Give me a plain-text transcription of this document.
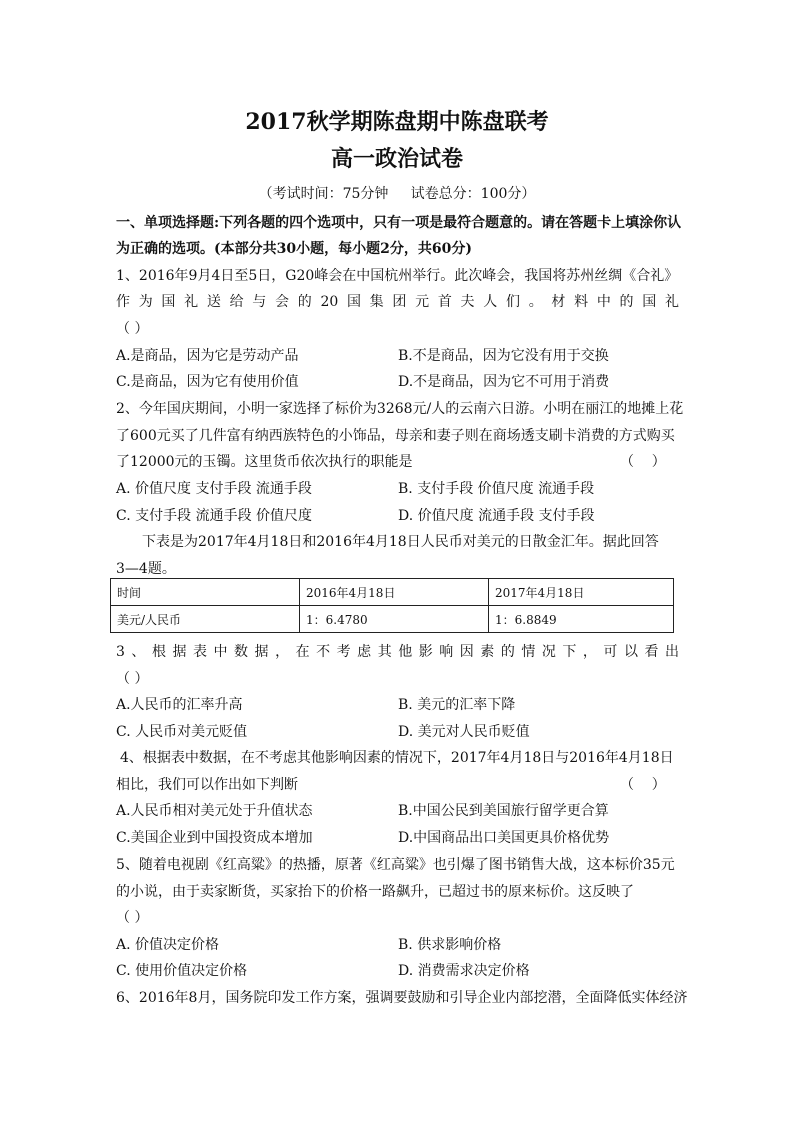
2017秋学期陈盘期中陈盘联考
高一政治试卷
（考试时间：75分钟     试卷总分：100分）
一、单项选择题:下列各题的四个选项中，只有一项是最符合题意的。请在答题卡上填涂你认
为正确的选项。(本部分共30小题，每小题2分，共60分)
1、2016年9月4日至5日，G20峰会在中国杭州举行。此次峰会，我国将苏州丝绸《合礼》
作为国礼送给与会的20国集团元首夫人们。材料中的国礼
（ ）
A.是商品，因为它是劳动产品	B.不是商品，因为它没有用于交换
C.是商品，因为它有使用价值	D.不是商品，因为它不可用于消费
2、今年国庆期间，小明一家选择了标价为3268元/人的云南六日游。小明在丽江的地摊上花
了600元买了几件富有纳西族特色的小饰品，母亲和妻子则在商场透支刷卡消费的方式购买
了12000元的玉镯。这里货币依次执行的职能是	（    ）
A. 价值尺度 支付手段 流通手段	B. 支付手段 价值尺度 流通手段
C. 支付手段 流通手段 价值尺度	D. 价值尺度 流通手段 支付手段
下表是为2017年4月18日和2016年4月18日人民币对美元的日散金汇年。据此回答
3—4题。
时间	2016年4月18日	2017年4月18日
美元/人民币	1：6.4780	1：6.8849
3、根据表中数据，在不考虑其他影响因素的情况下，可以看出
（ ）
A.人民币的汇率升高	B. 美元的汇率下降
C. 人民币对美元贬值	D. 美元对人民币贬值
4、根据表中数据，在不考虑其他影响因素的情况下，2017年4月18日与2016年4月18日
相比，我们可以作出如下判断	（    ）
A.人民币相对美元处于升值状态	B.中国公民到美国旅行留学更合算
C.美国企业到中国投资成本增加	D.中国商品出口美国更具价格优势
5、随着电视剧《红高粱》的热播，原著《红高粱》也引爆了图书销售大战，这本标价35元
的小说，由于卖家断货，买家抬下的价格一路飙升，已超过书的原来标价。这反映了
（ ）
A. 价值决定价格	B. 供求影响价格
C. 使用价值决定价格	D. 消费需求决定价格
6、2016年8月，国务院印发工作方案，强调要鼓励和引导企业内部挖潜，全面降低实体经济
